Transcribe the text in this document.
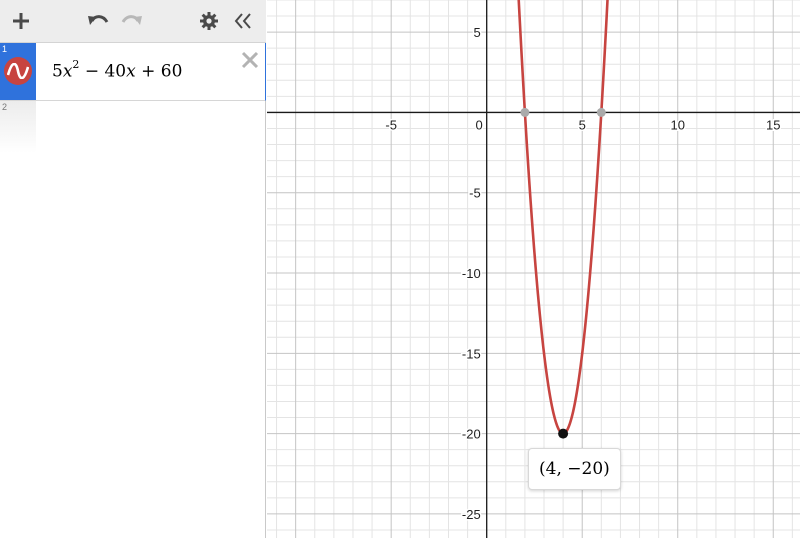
1
$5x^2 - 40x + 60$
2
-5	0	5	10	15
5
-5
-10
-15
-20
-25
(4, −20)
